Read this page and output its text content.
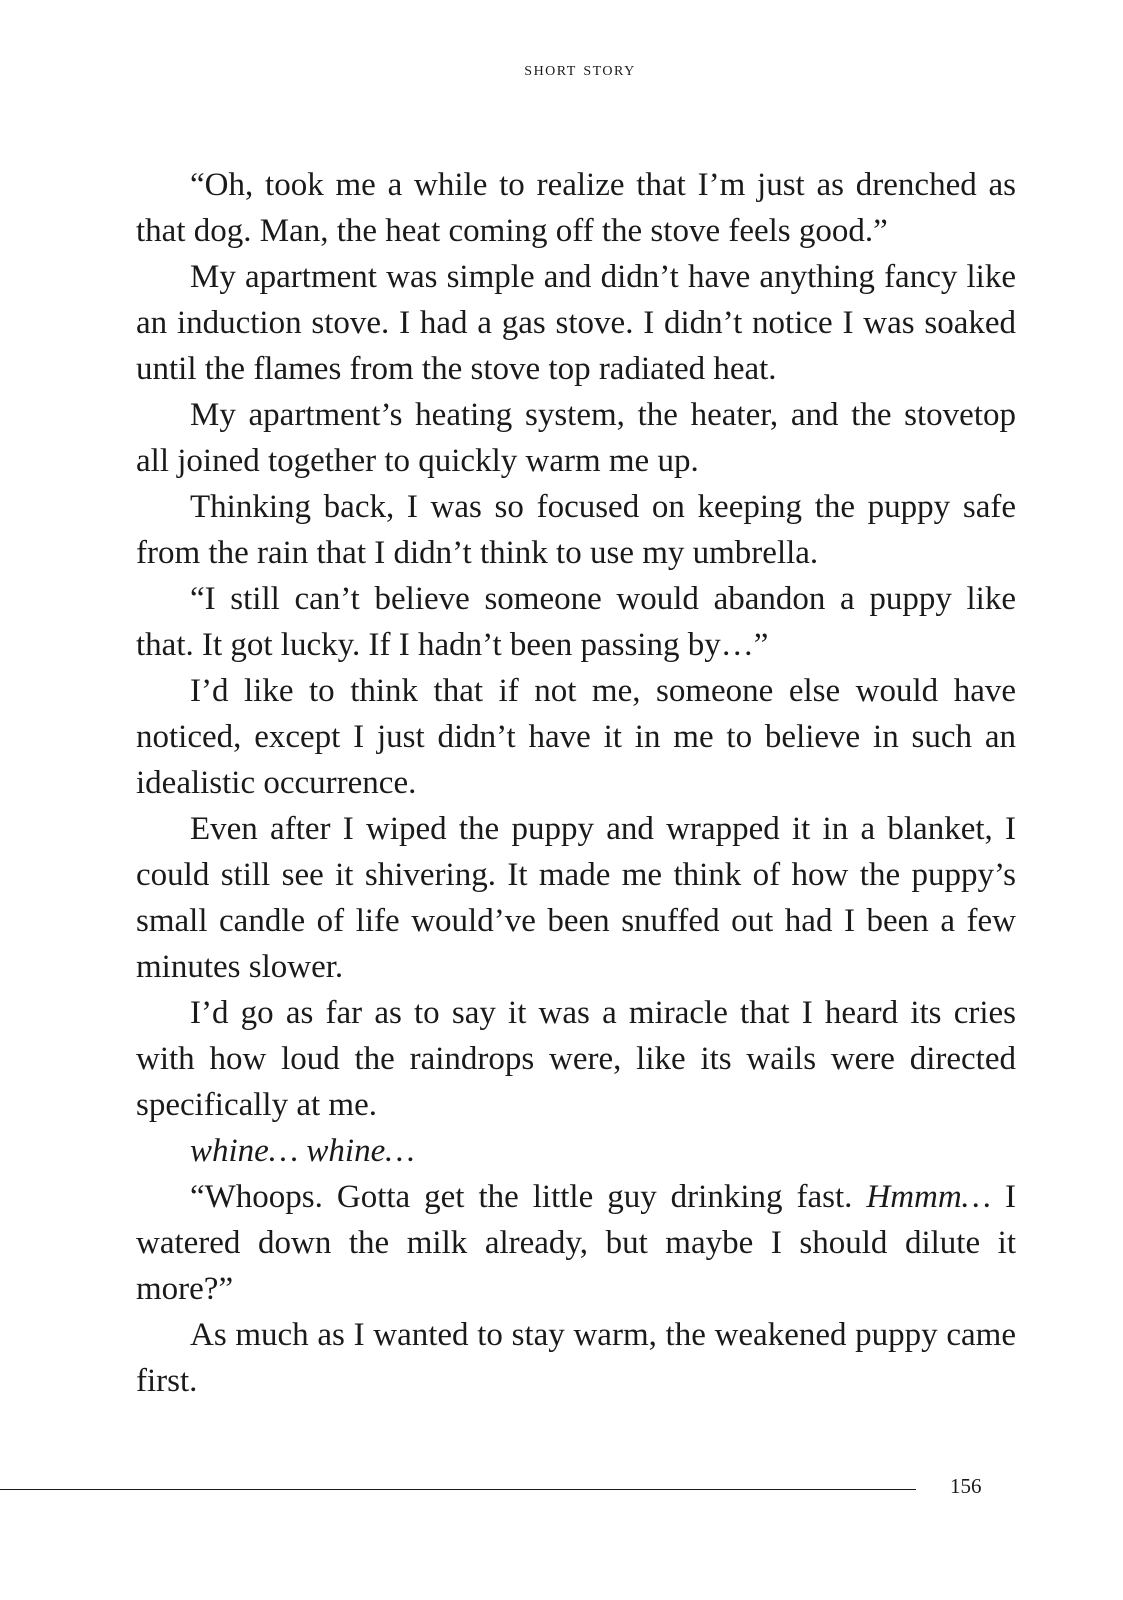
short story

“Oh, took me a while to realize that I’m just as drenched as that dog. Man, the heat coming off the stove feels good.”

My apartment was simple and didn’t have anything fancy like an induction stove. I had a gas stove. I didn’t notice I was soaked until the flames from the stove top radiated heat.

My apartment’s heating system, the heater, and the stovetop all joined together to quickly warm me up.

Thinking back, I was so focused on keeping the puppy safe from the rain that I didn’t think to use my umbrella.

“I still can’t believe someone would abandon a puppy like that. It got lucky. If I hadn’t been passing by…”

I’d like to think that if not me, someone else would have noticed, except I just didn’t have it in me to believe in such an idealistic occurrence.

Even after I wiped the puppy and wrapped it in a blanket, I could still see it shivering. It made me think of how the puppy’s small candle of life would’ve been snuffed out had I been a few minutes slower.

I’d go as far as to say it was a miracle that I heard its cries with how loud the raindrops were, like its wails were directed specifically at me.

whine… whine…

“Whoops. Gotta get the little guy drinking fast. Hmmm… I watered down the milk already, but maybe I should dilute it more?”

As much as I wanted to stay warm, the weakened puppy came first.

156
